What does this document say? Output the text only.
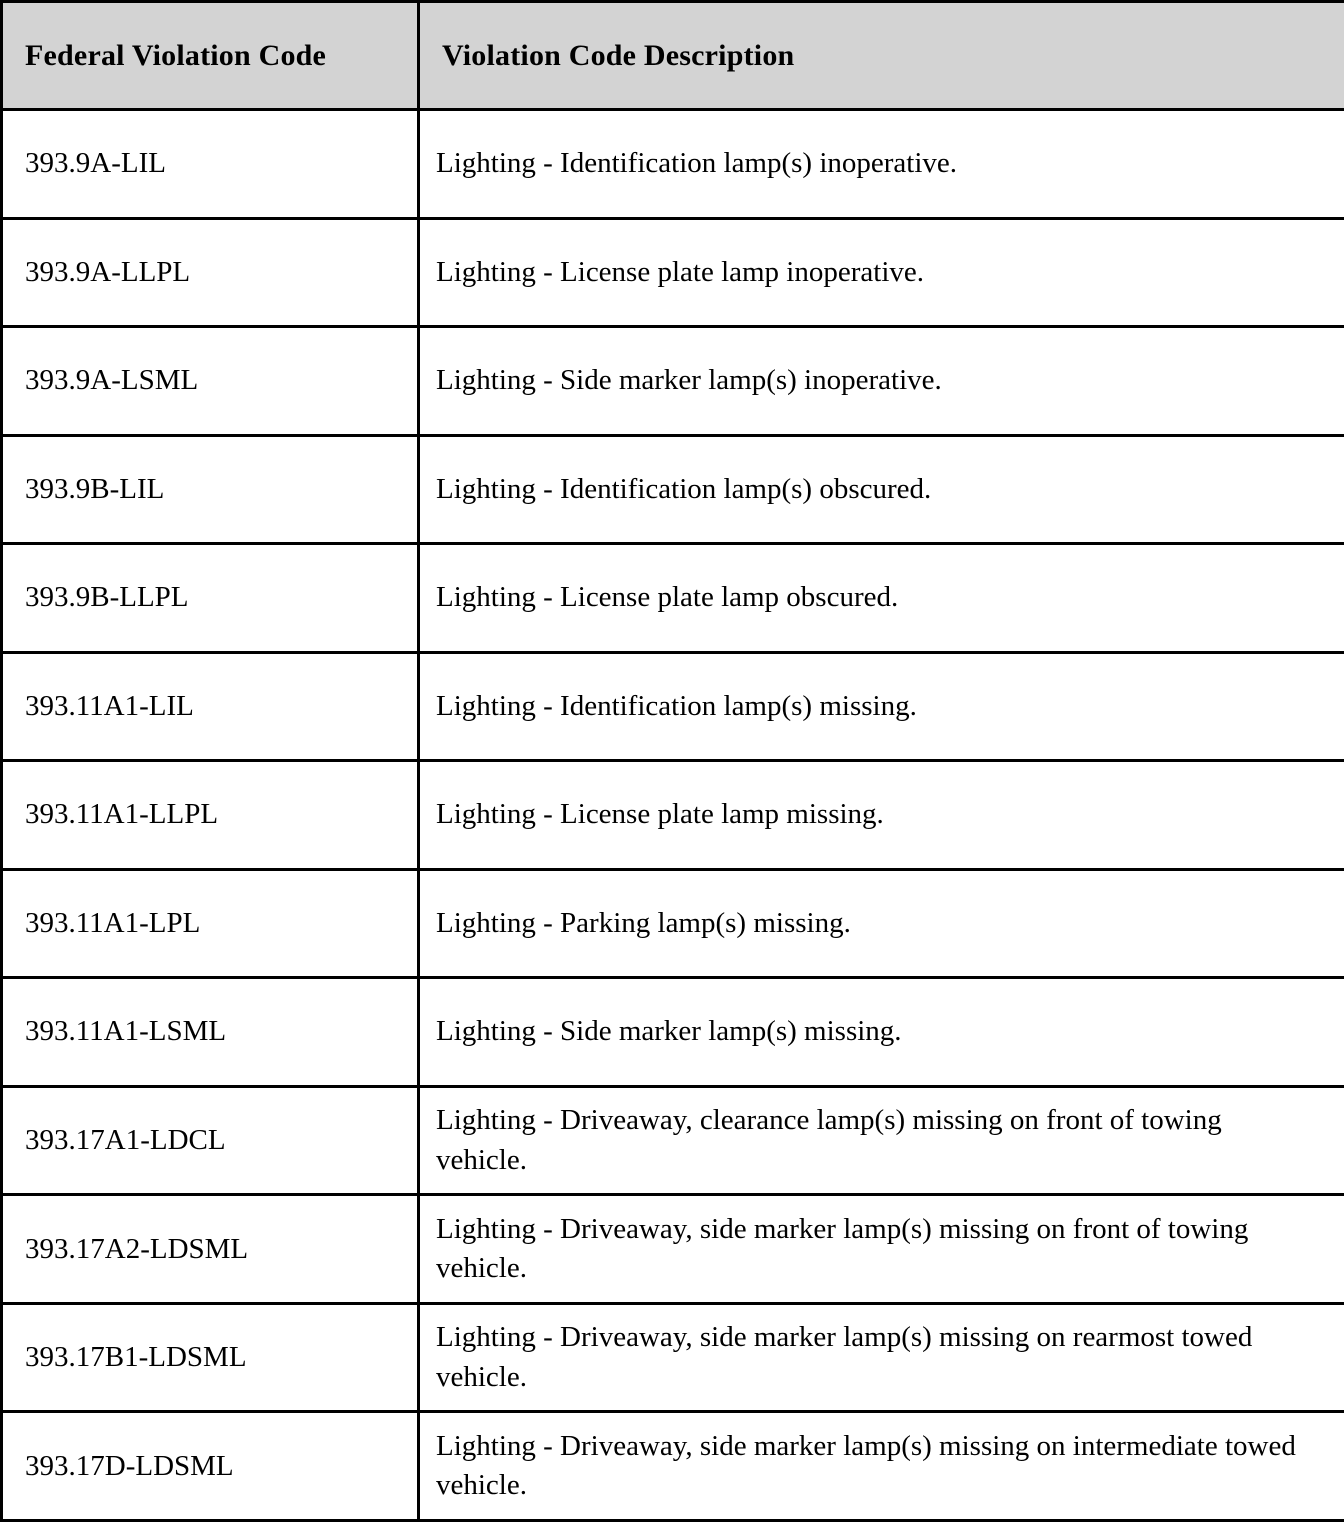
Federal Violation Code	Violation Code Description
393.9A-LIL	Lighting - Identification lamp(s) inoperative.
393.9A-LLPL	Lighting - License plate lamp inoperative.
393.9A-LSML	Lighting - Side marker lamp(s) inoperative.
393.9B-LIL	Lighting - Identification lamp(s) obscured.
393.9B-LLPL	Lighting - License plate lamp obscured.
393.11A1-LIL	Lighting - Identification lamp(s) missing.
393.11A1-LLPL	Lighting - License plate lamp missing.
393.11A1-LPL	Lighting - Parking lamp(s) missing.
393.11A1-LSML	Lighting - Side marker lamp(s) missing.
393.17A1-LDCL	Lighting - Driveaway, clearance lamp(s) missing on front of towing vehicle.
393.17A2-LDSML	Lighting - Driveaway, side marker lamp(s) missing on front of towing vehicle.
393.17B1-LDSML	Lighting - Driveaway, side marker lamp(s) missing on rearmost towed vehicle.
393.17D-LDSML	Lighting - Driveaway, side marker lamp(s) missing on intermediate towed vehicle.
